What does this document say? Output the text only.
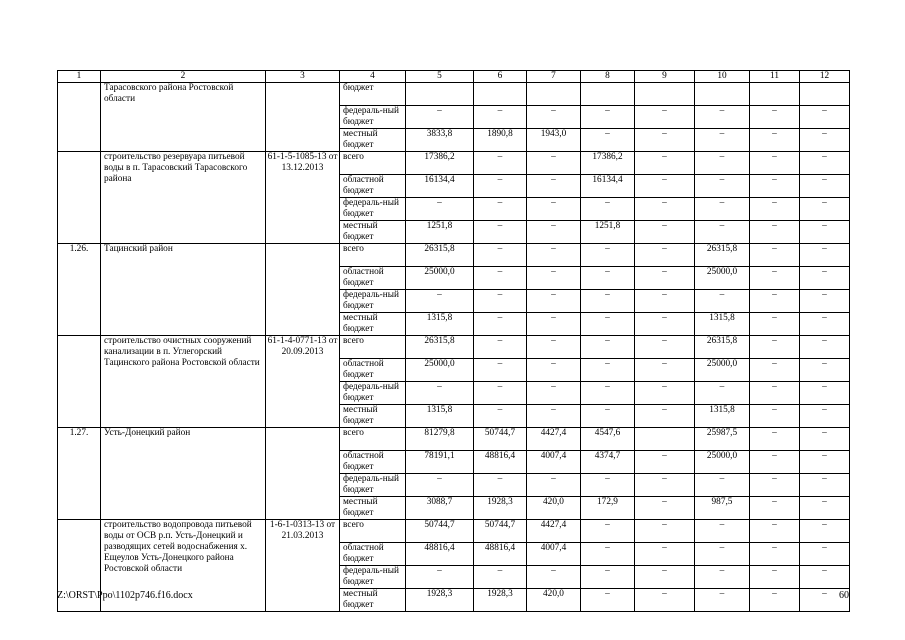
1	2	3	4	5	6	7	8	9	10	11	12
	Тарасовского района Ростовской области		бюджет								
			федераль-ный бюджет	–	–	–	–	–	–	–	–
			местный бюджет	3833,8	1890,8	1943,0	–	–	–	–	–
	строительство резервуара питьевой воды в п. Тарасовский Тарасовского района	61-1-5-1085-13 от 13.12.2013	всего	17386,2	–	–	17386,2	–	–	–	–
			областной бюджет	16134,4	–	–	16134,4	–	–	–	–
			федераль-ный бюджет	–	–	–	–	–	–	–	–
			местный бюджет	1251,8	–	–	1251,8	–	–	–	–
1.26.	Тацинский район		всего	26315,8	–	–	–	–	26315,8	–	–
			областной бюджет	25000,0	–	–	–	–	25000,0	–	–
			федераль-ный бюджет	–	–	–	–	–	–	–	–
			местный бюджет	1315,8	–	–	–	–	1315,8	–	–
	строительство очистных сооружений канализации в п. Углегорский Тацинского района Ростовской области	61-1-4-0771-13 от 20.09.2013	всего	26315,8	–	–	–	–	26315,8	–	–
			областной бюджет	25000,0	–	–	–	–	25000,0	–	–
			федераль-ный бюджет	–	–	–	–	–	–	–	–
			местный бюджет	1315,8	–	–	–	–	1315,8	–	–
1.27.	Усть-Донецкий район		всего	81279,8	50744,7	4427,4	4547,6		25987,5	–	–
			областной бюджет	78191,1	48816,4	4007,4	4374,7	–	25000,0	–	–
			федераль-ный бюджет	–	–	–	–	–	–	–	–
			местный бюджет	3088,7	1928,3	420,0	172,9	–	987,5	–	–
	строительство водопровода питьевой воды от ОСВ р.п. Усть-Донецкий и разводящих сетей водоснабжения х. Ещеулов Усть-Донецкого района Ростовской области	1-6-1-0313-13 от 21.03.2013	всего	50744,7	50744,7	4427,4	–	–	–	–	–
			областной бюджет	48816,4	48816,4	4007,4	–	–	–	–	–
			федераль-ный бюджет	–	–	–	–	–	–	–	–
			местный бюджет	1928,3	1928,3	420,0	–	–	–	–	–
Z:\ORST\Ppo\1102p746.f16.docx	60
